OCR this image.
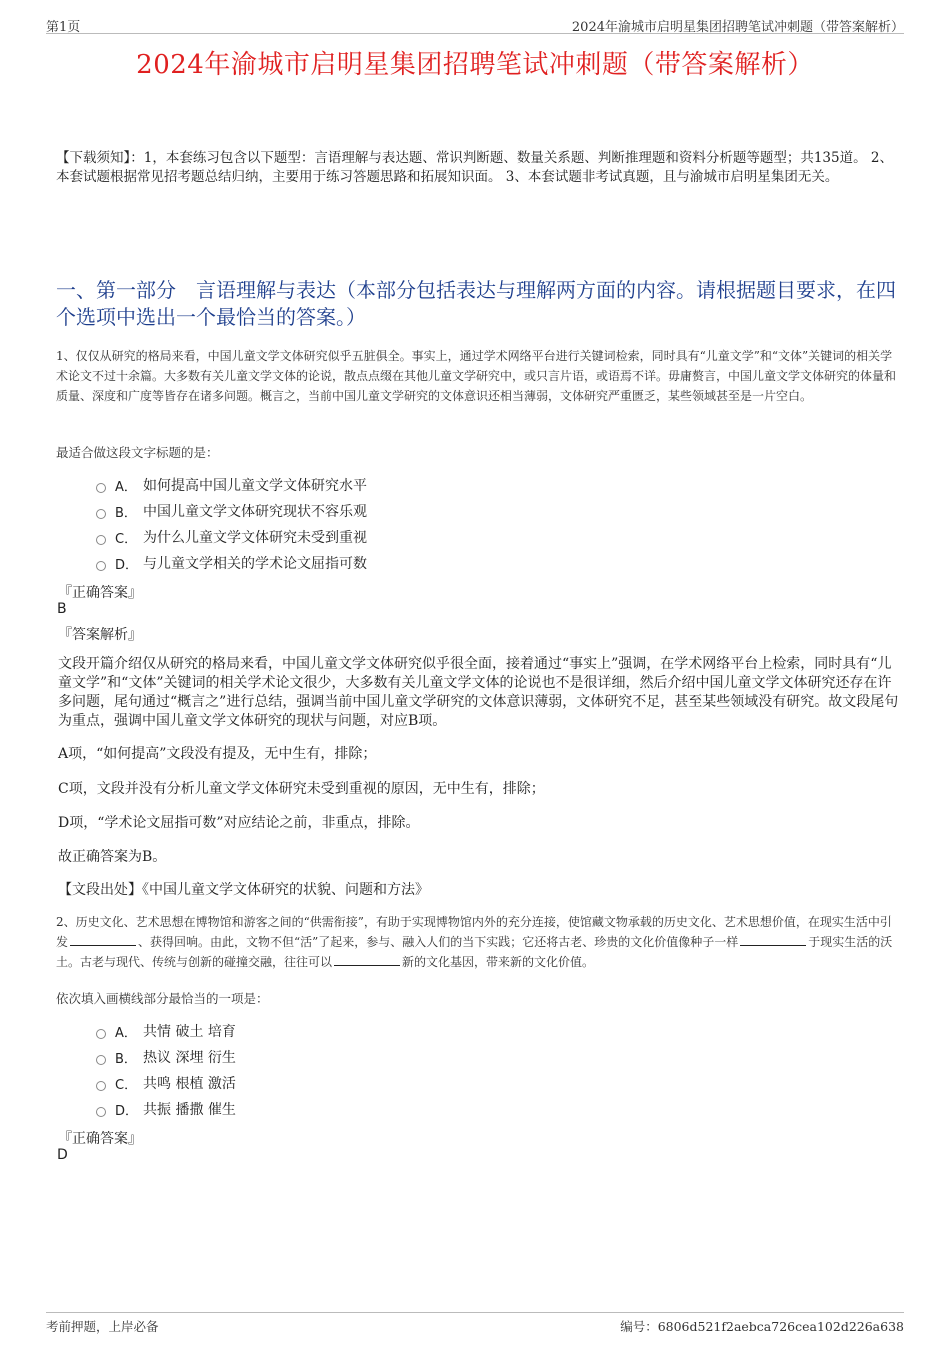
第1页	2024年渝城市启明星集团招聘笔试冲刺题（带答案解析）
2024年渝城市启明星集团招聘笔试冲刺题（带答案解析）
【下载须知】：1，本套练习包含以下题型：言语理解与表达题、常识判断题、数量关系题、判断推理题和资料分析题等题型；共135道。 2、本套试题根据常见招考题总结归纳，主要用于练习答题思路和拓展知识面。 3、本套试题非考试真题，且与渝城市启明星集团无关。
一、第一部分　言语理解与表达（本部分包括表达与理解两方面的内容。请根据题目要求，在四个选项中选出一个最恰当的答案。）
1、仅仅从研究的格局来看，中国儿童文学文体研究似乎五脏俱全。事实上，通过学术网络平台进行关键词检索，同时具有“儿童文学”和“文体”关键词的相关学术论文不过十余篇。大多数有关儿童文学文体的论说，散点点缀在其他儿童文学研究中，或只言片语，或语焉不详。毋庸赘言，中国儿童文学文体研究的体量和质量、深度和广度等皆存在诸多问题。概言之，当前中国儿童文学研究的文体意识还相当薄弱，文体研究严重匮乏，某些领域甚至是一片空白。
最适合做这段文字标题的是：
A． 如何提高中国儿童文学文体研究水平
B． 中国儿童文学文体研究现状不容乐观
C． 为什么儿童文学文体研究未受到重视
D． 与儿童文学相关的学术论文屈指可数
『正确答案』
B
『答案解析』
文段开篇介绍仅从研究的格局来看，中国儿童文学文体研究似乎很全面，接着通过“事实上”强调，在学术网络平台上检索，同时具有“儿童文学”和“文体”关键词的相关学术论文很少，大多数有关儿童文学文体的论说也不是很详细，然后介绍中国儿童文学文体研究还存在许多问题，尾句通过“概言之”进行总结，强调当前中国儿童文学研究的文体意识薄弱，文体研究不足，甚至某些领域没有研究。故文段尾句为重点，强调中国儿童文学文体研究的现状与问题，对应B项。
A项，“如何提高”文段没有提及，无中生有，排除；
C项，文段并没有分析儿童文学文体研究未受到重视的原因，无中生有，排除；
D项，“学术论文屈指可数”对应结论之前，非重点，排除。
故正确答案为B。
【文段出处】《中国儿童文学文体研究的状貌、问题和方法》
2、历史文化、艺术思想在博物馆和游客之间的“供需衔接”，有助于实现博物馆内外的充分连接，使馆藏文物承载的历史文化、艺术思想价值，在现实生活中引发	、获得回响。由此，文物不但“活”了起来，参与、融入人们的当下实践；它还将古老、珍贵的文化价值像种子一样	于现实生活的沃土。古老与现代、传统与创新的碰撞交融，往往可以	新的文化基因，带来新的文化价值。
依次填入画横线部分最恰当的一项是：
A． 共情 破土 培育
B． 热议 深埋 衍生
C． 共鸣 根植 激活
D． 共振 播撒 催生
『正确答案』
D
考前押题，上岸必备	编号：6806d521f2aebca726cea102d226a638
